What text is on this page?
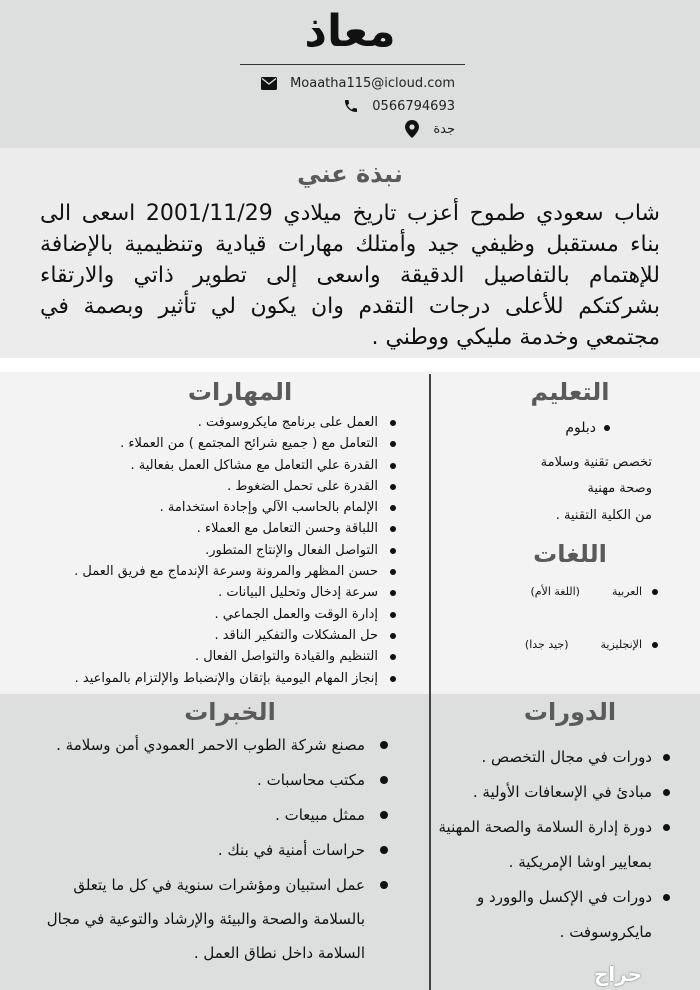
معاذ
Moaatha115@icloud.com
0566794693
جدة
نبذة عني
شاب سعودي طموح أعزب تاريخ ميلادي 2001/11/29 اسعى الى بناء مستقبل وظيفي جيد وأمتلك مهارات قيادية وتنظيمية بالإضافة للإهتمام بالتفاصيل الدقيقة واسعى إلى تطوير ذاتي والارتقاء بشركتكم للأعلى درجات التقدم وان يكون لي تأثير وبصمة في مجتمعي وخدمة مليكي ووطني .
المهارات
العمل على برنامج مايكروسوفت .
التعامل مع ( جميع شرائح المجتمع ) من العملاء .
القدرة علي التعامل مع مشاكل العمل بفعالية .
القدرة على تحمل الضغوط .
الإلمام بالحاسب الآلي وإجادة استخدامة .
اللباقة وحسن التعامل مع العملاء .
التواصل الفعال والإنتاج المتطور.
حسن المظهر والمرونة وسرعة الإندماج مع فريق العمل .
سرعة إدخال وتحليل البيانات .
إدارة الوقت والعمل الجماعي .
حل المشكلات والتفكير الناقد .
التنظيم والقيادة والتواصل الفعال .
إنجاز المهام اليومية بإتقان والإنضباط والإلتزام بالمواعيد .
التعليم
دبلوم
تخصص تقنية وسلامة
وصحة مهنية
من الكلية التقنية .
اللغات
العربية
(اللغة الأم)
الإنجليزية
(جيد جدا)
الدورات
دورات في مجال التخصص .
مبادئ في الإسعافات الأولية .
دورة إدارة السلامة والصحة المهنية بمعايير اوشا الإمريكية .
دورات في الإكسل والوورد و مايكروسوفت .
الخبرات
مصنع شركة الطوب الاحمر العمودي أمن وسلامة .
مكتب محاسبات .
ممثل مبيعات .
حراسات أمنية في بنك .
عمل استبيان ومؤشرات سنوية في كل ما يتعلق بالسلامة والصحة والبيئة والإرشاد والتوعية في مجال السلامة داخل نطاق العمل .
حراج
